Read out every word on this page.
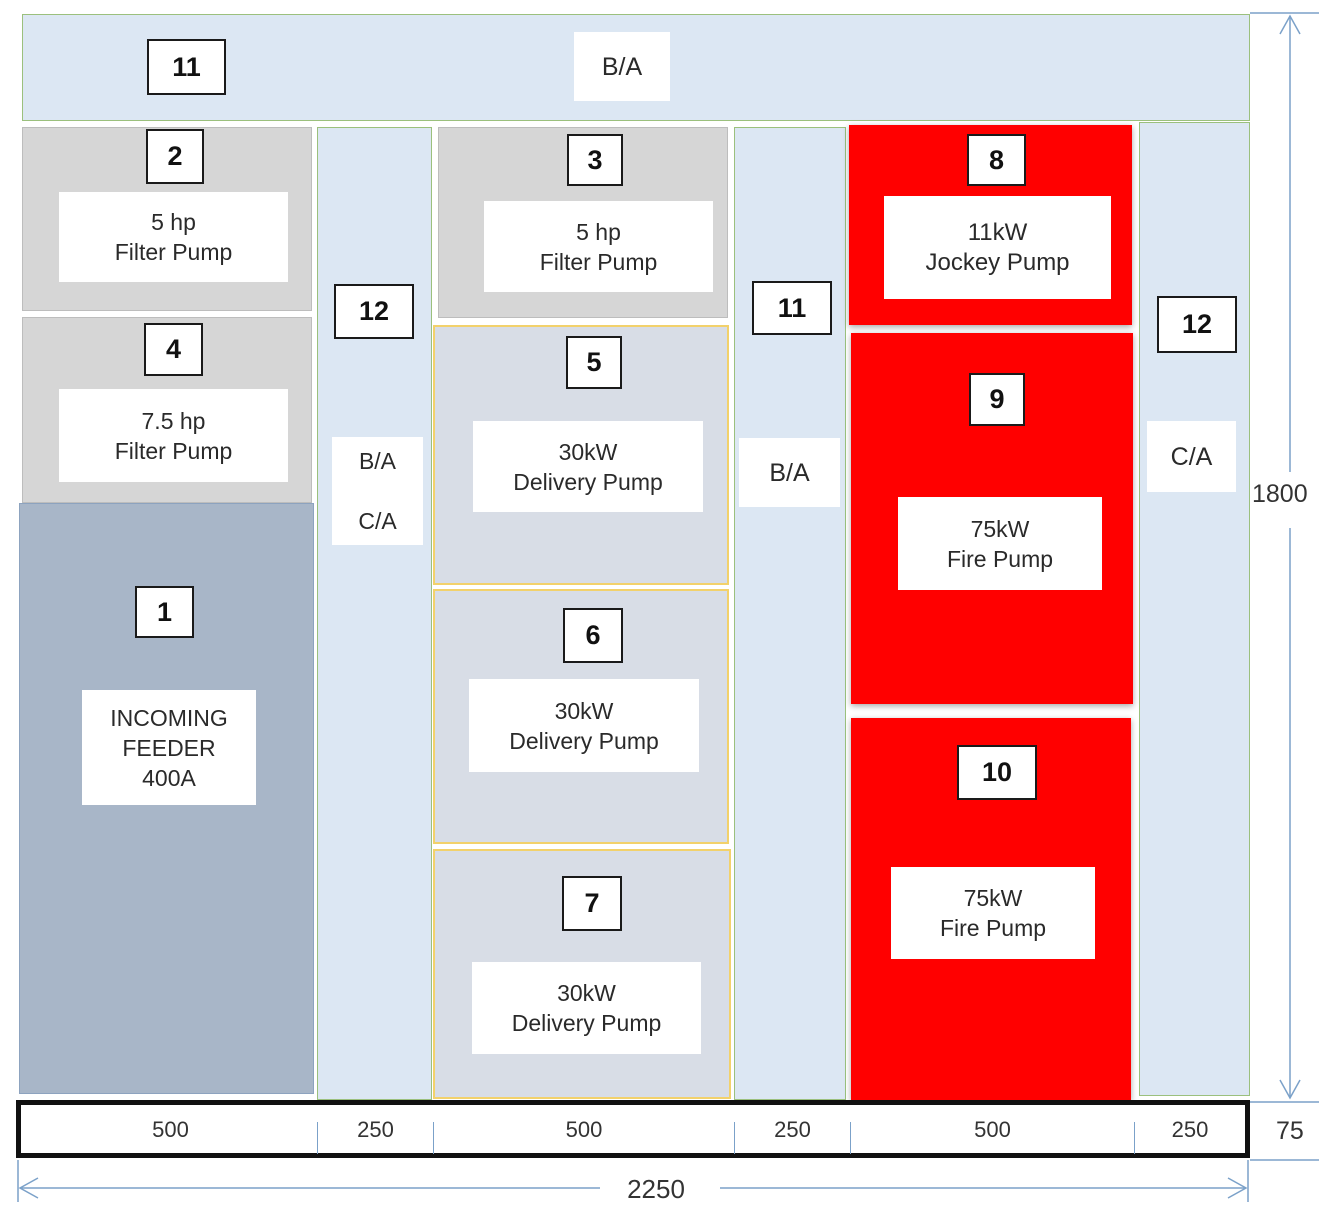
11	B/A
2
5 hp
Filter Pump
4
7.5 hp
Filter Pump
1
INCOMING
FEEDER
400A
12
B/A
C/A
3
5 hp
Filter Pump
5
30kW
Delivery Pump
6
30kW
Delivery Pump
7
30kW
Delivery Pump
11
B/A
8
11kW
Jockey Pump
9
75kW
Fire Pump
10
75kW
Fire Pump
12
C/A
1800
500	250	500	250	500	250	75
2250
